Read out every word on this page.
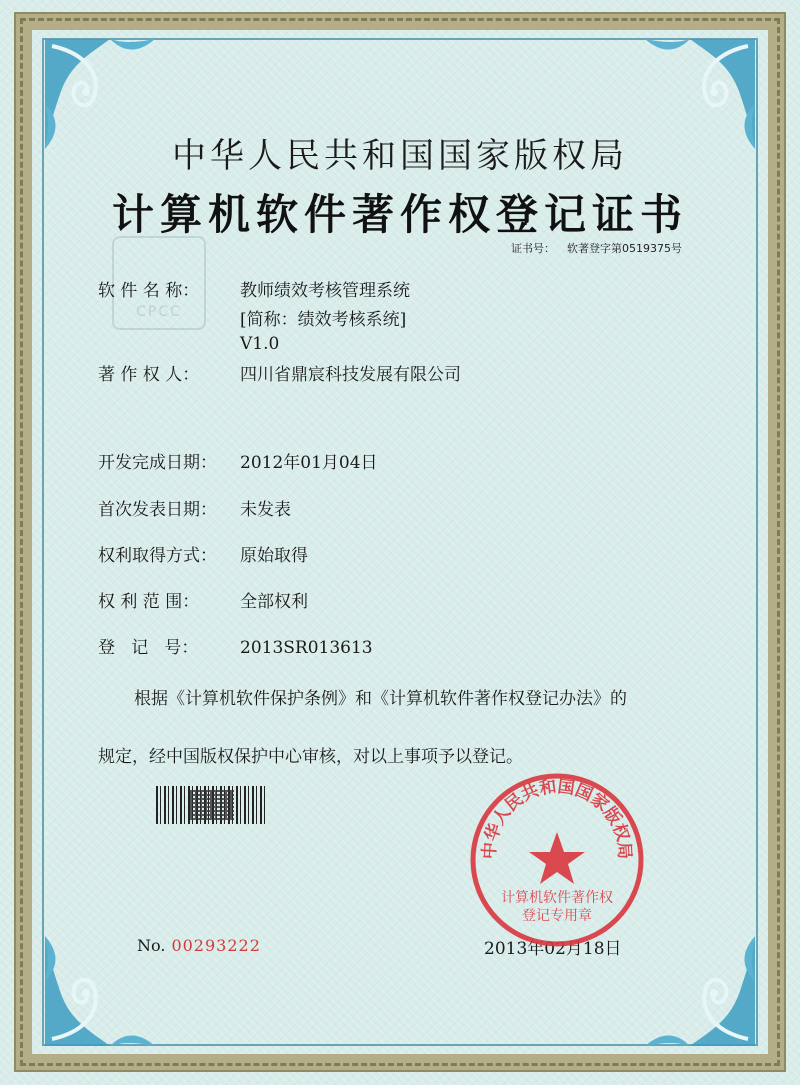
CPCC
中华人民共和国国家版权局
计算机软件著作权登记证书
证书号： 软著登字第0519375号
软 件 名 称： 教师绩效考核管理系统
[简称：绩效考核系统]
V1.0
著 作 权 人： 四川省鼎宸科技发展有限公司
开发完成日期： 2012年01月04日
首次发表日期： 未发表
权利取得方式： 原始取得
权 利 范 围： 全部权利
登   记   号： 2013SR013613

根据《计算机软件保护条例》和《计算机软件著作权登记办法》的

规定，经中国版权保护中心审核，对以上事项予以登记。

No. 00293222	2013年02月18日
中华人民共和国国家版权局
计算机软件著作权
登记专用章
